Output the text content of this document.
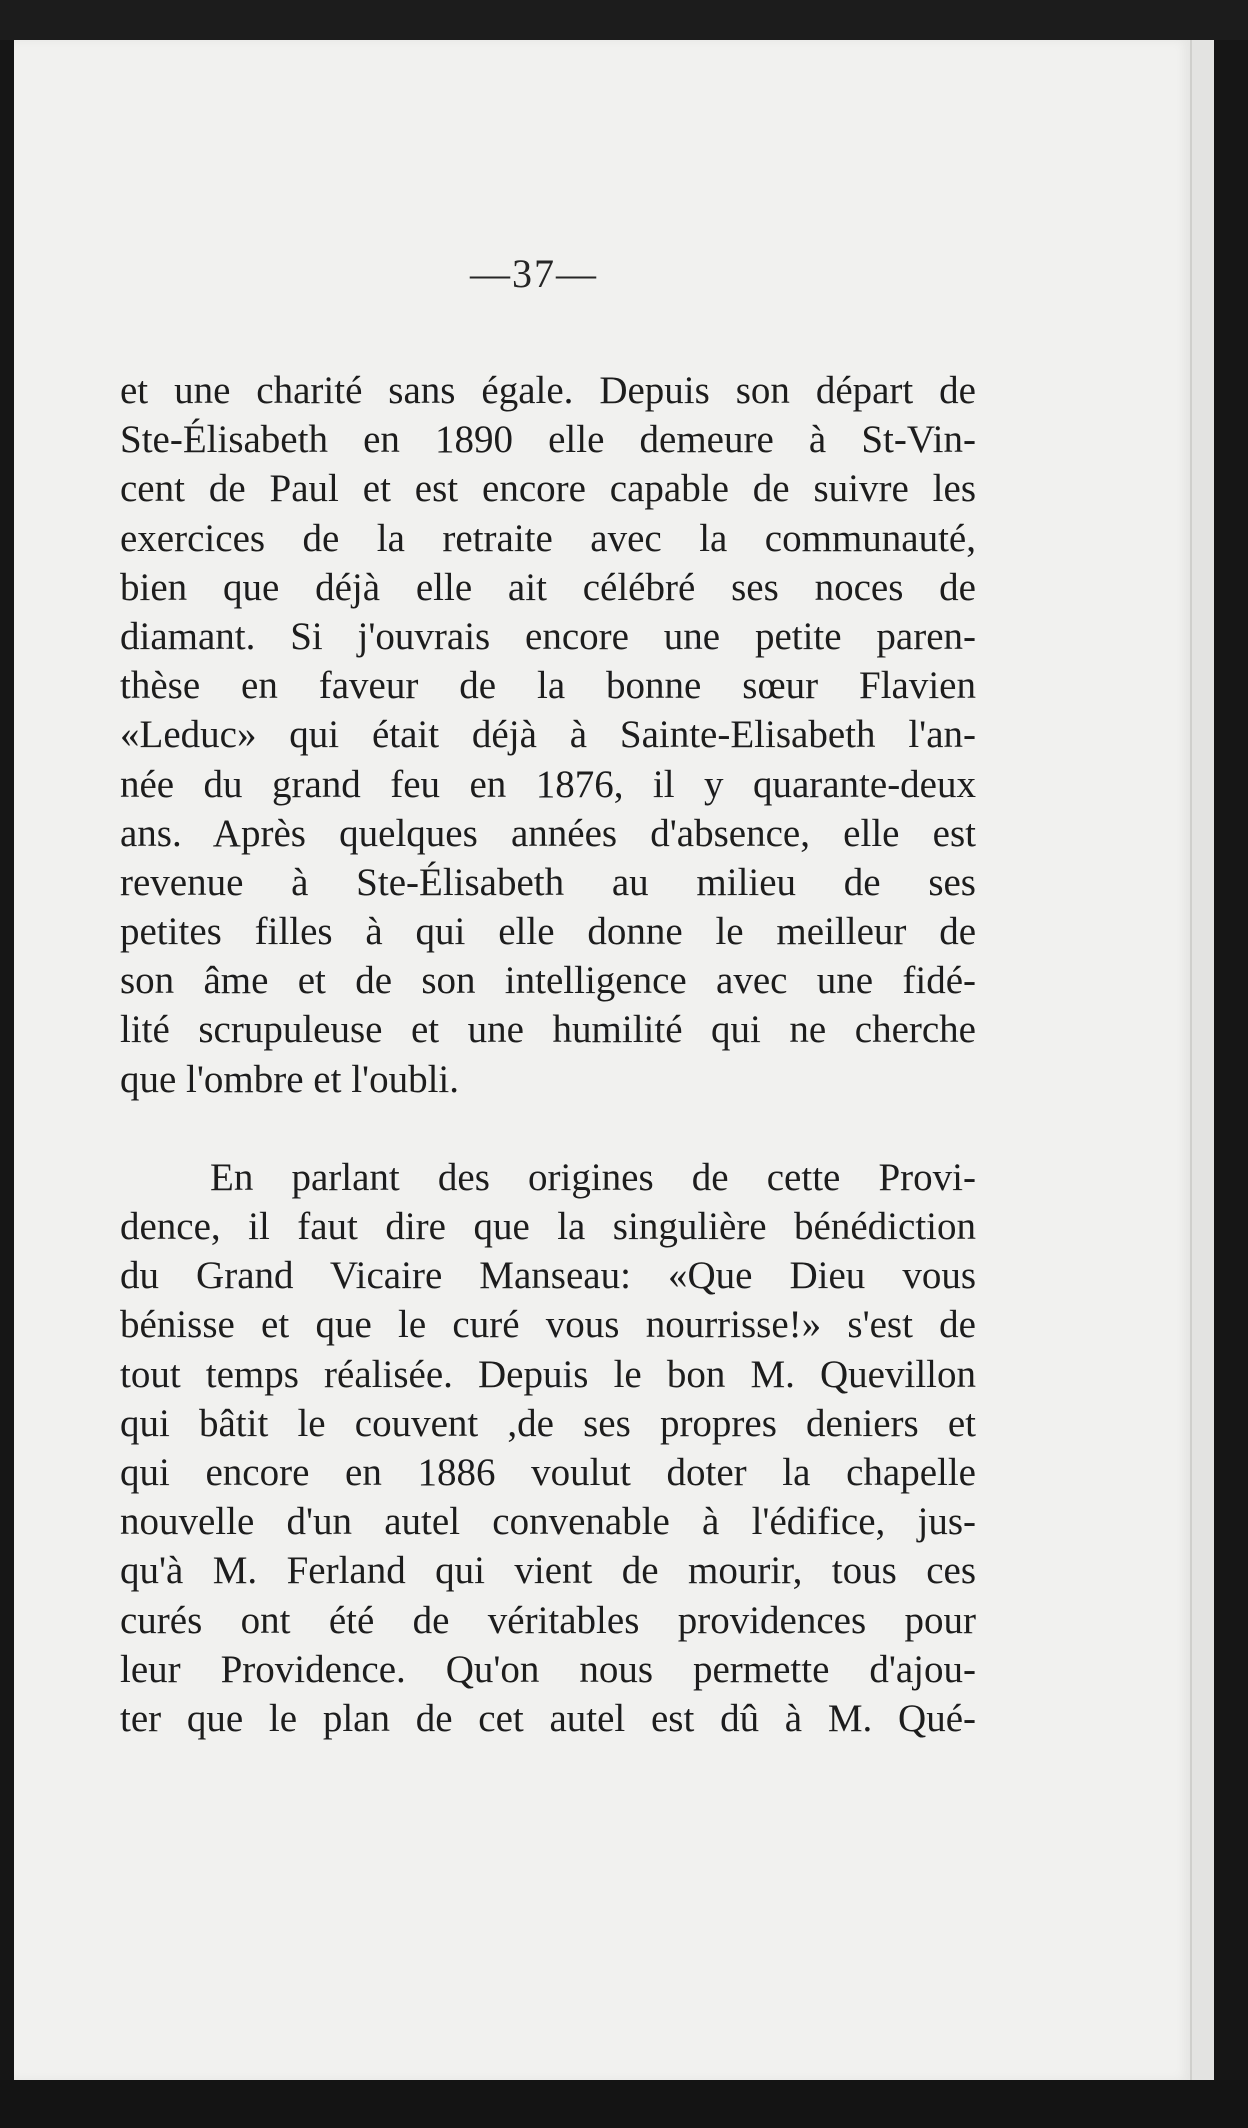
—37—

et une charité sans égale. Depuis son départ de
Ste-Élisabeth en 1890 elle demeure à St-Vin-
cent de Paul et est encore capable de suivre les
exercices de la retraite avec la communauté,
bien que déjà elle ait célébré ses noces de
diamant. Si j'ouvrais encore une petite paren-
thèse en faveur de la bonne sœur Flavien
«Leduc» qui était déjà à Sainte-Elisabeth l'an-
née du grand feu en 1876, il y quarante-deux
ans. Après quelques années d'absence, elle est
revenue à Ste-Élisabeth au milieu de ses
petites filles à qui elle donne le meilleur de
son âme et de son intelligence avec une fidé-
lité scrupuleuse et une humilité qui ne cherche
que l'ombre et l'oubli.

En parlant des origines de cette Provi-
dence, il faut dire que la singulière bénédiction
du Grand Vicaire Manseau: «Que Dieu vous
bénisse et que le curé vous nourrisse!» s'est de
tout temps réalisée. Depuis le bon M. Quevillon
qui bâtit le couvent ,de ses propres deniers et
qui encore en 1886 voulut doter la chapelle
nouvelle d'un autel convenable à l'édifice, jus-
qu'à M. Ferland qui vient de mourir, tous ces
curés ont été de véritables providences pour
leur Providence. Qu'on nous permette d'ajou-
ter que le plan de cet autel est dû à M. Qué-
